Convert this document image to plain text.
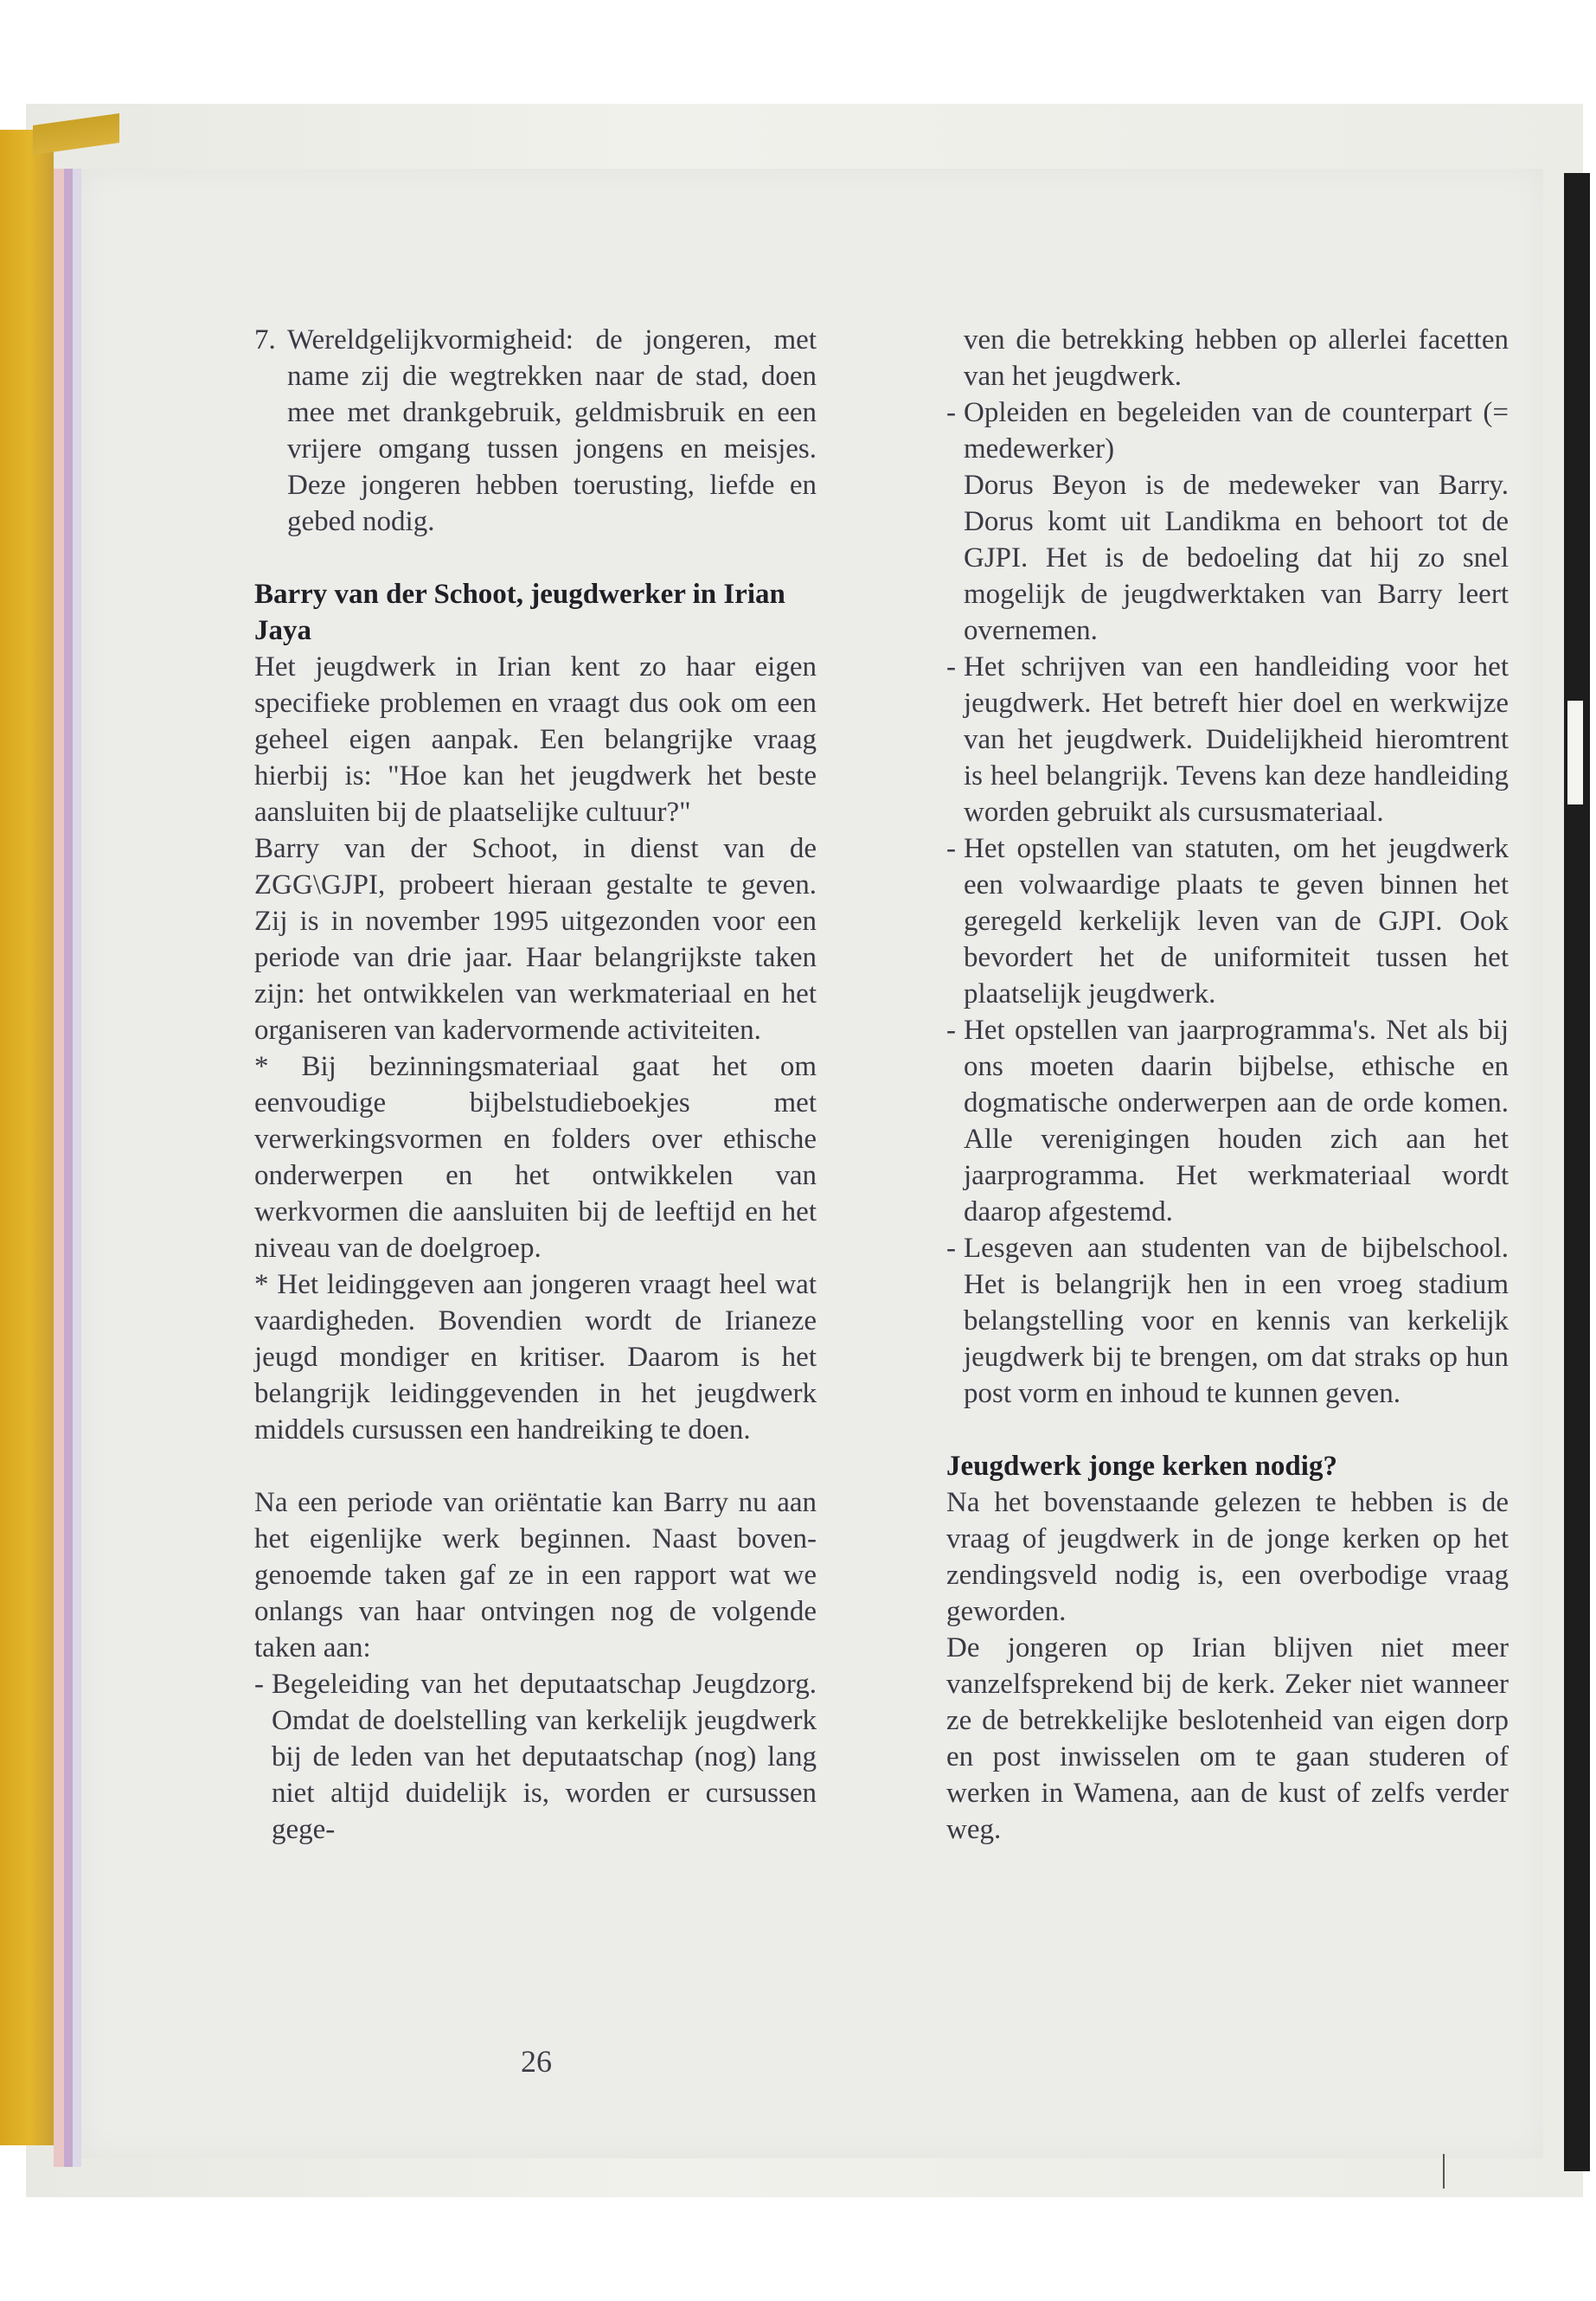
7. Wereldgelijkvormigheid: de jongeren, met name zij die wegtrekken naar de stad, doen mee met drankgebruik, geldmisbruik en een vrijere omgang tussen jongens en meisjes. Deze jongeren hebben toerusting, liefde en gebed nodig.

Barry van der Schoot, jeugdwerker in Irian Jaya

Het jeugdwerk in Irian kent zo haar eigen specifieke problemen en vraagt dus ook om een geheel eigen aanpak. Een belangrijke vraag hierbij is: "Hoe kan het jeugdwerk het beste aansluiten bij de plaatselijke cultuur?"

Barry van der Schoot, in dienst van de ZGG\GJPI, probeert hieraan gestalte te geven. Zij is in november 1995 uitgezonden voor een periode van drie jaar. Haar belangrijkste taken zijn: het ontwikkelen van werkmateriaal en het organiseren van kadervormende activiteiten.

* Bij bezinningsmateriaal gaat het om eenvoudige bijbelstudieboekjes met verwerkingsvormen en folders over ethische onderwerpen en het ontwikkelen van werkvormen die aansluiten bij de leeftijd en het niveau van de doelgroep.

* Het leidinggeven aan jongeren vraagt heel wat vaardigheden. Bovendien wordt de Irianeze jeugd mondiger en kritiser. Daarom is het belangrijk leidinggevenden in het jeugdwerk middels cursussen een handreiking te doen.

Na een periode van oriëntatie kan Barry nu aan het eigenlijke werk beginnen. Naast boven-genoemde taken gaf ze in een rapport wat we onlangs van haar ontvingen nog de volgende taken aan:

- Begeleiding van het deputaatschap Jeugdzorg. Omdat de doelstelling van kerkelijk jeugdwerk bij de leden van het deputaatschap (nog) lang niet altijd duidelijk is, worden er cursussen gege-

ven die betrekking hebben op allerlei facetten van het jeugdwerk.
- Opleiden en begeleiden van de counterpart (= medewerker)

Dorus Beyon is de medeweker van Barry. Dorus komt uit Landikma en behoort tot de GJPI. Het is de bedoeling dat hij zo snel mogelijk de jeugdwerktaken van Barry leert overnemen.
- Het schrijven van een handleiding voor het jeugdwerk. Het betreft hier doel en werkwijze van het jeugdwerk. Duidelijkheid hieromtrent is heel belangrijk. Tevens kan deze handleiding worden gebruikt als cursusmateriaal.
- Het opstellen van statuten, om het jeugdwerk een volwaardige plaats te geven binnen het geregeld kerkelijk leven van de GJPI. Ook bevordert het de uniformiteit tussen het plaatselijk jeugdwerk.
- Het opstellen van jaarprogramma's. Net als bij ons moeten daarin bijbelse, ethische en dogmatische onderwerpen aan de orde komen. Alle verenigingen houden zich aan het jaarprogramma. Het werkmateriaal wordt daarop afgestemd.
- Lesgeven aan studenten van de bijbelschool. Het is belangrijk hen in een vroeg stadium belangstelling voor en kennis van kerkelijk jeugdwerk bij te brengen, om dat straks op hun post vorm en inhoud te kunnen geven.

Jeugdwerk jonge kerken nodig?

Na het bovenstaande gelezen te hebben is de vraag of jeugdwerk in de jonge kerken op het zendingsveld nodig is, een overbodige vraag geworden.

De jongeren op Irian blijven niet meer vanzelfsprekend bij de kerk. Zeker niet wanneer ze de betrekkelijke beslotenheid van eigen dorp en post inwisselen om te gaan studeren of werken in Wamena, aan de kust of zelfs verder weg.

26
